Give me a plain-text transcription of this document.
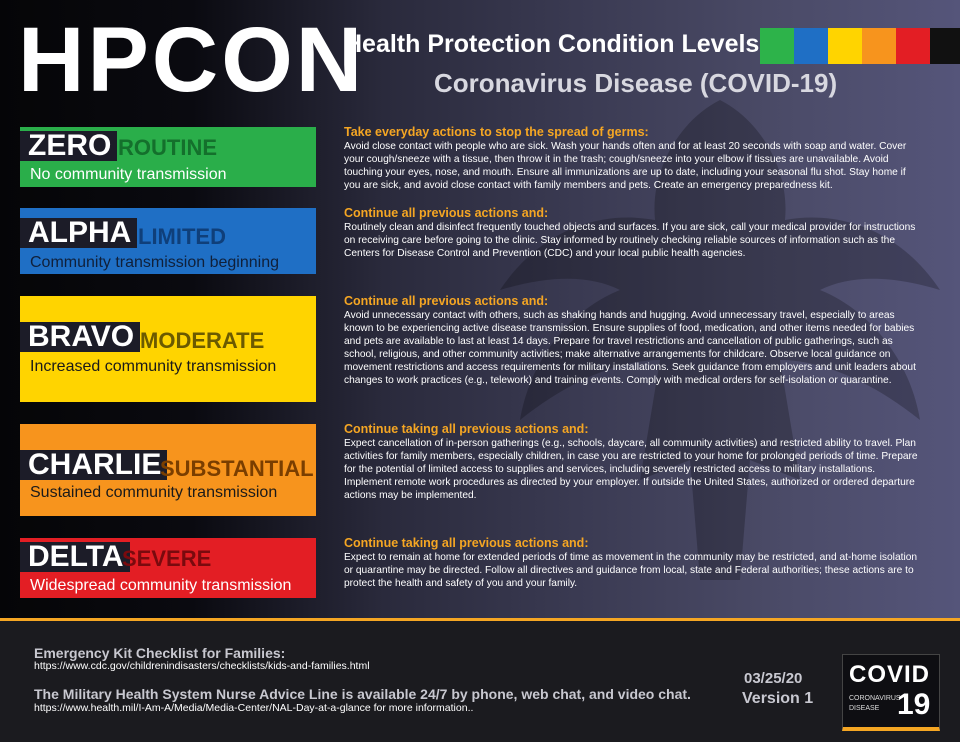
HPCON
Health Protection Condition Levels
Coronavirus Disease (COVID-19)
ZERO ROUTINE
No community transmission
ALPHA LIMITED
Community transmission beginning
BRAVO MODERATE
Increased community transmission
CHARLIE
SUBSTANTIAL
Sustained community transmission
DELTA
SEVERE
Widespread community transmission
Take everyday actions to stop the spread of germs:
Avoid close contact with people who are sick. Wash your hands often and for at least 20 seconds with soap and water. Cover your cough/sneeze with a tissue, then throw it in the trash; cough/sneeze into your elbow if tissues are unavailable. Avoid touching your eyes, nose, and mouth. Ensure all immunizations are up to date, including your seasonal flu shot. Stay home if you are sick, and avoid close contact with family members and pets. Create an emergency preparedness kit.
Continue all previous actions and:
Routinely clean and disinfect frequently touched objects and surfaces. If you are sick, call your medical provider for instructions on receiving care before going to the clinic. Stay informed by routinely checking reliable sources of information such as the Centers for Disease Control and Prevention (CDC) and your local public health agencies.
Continue all previous actions and:
Avoid unnecessary contact with others, such as shaking hands and hugging. Avoid unnecessary travel, especially to areas known to be experiencing active disease transmission. Ensure supplies of food, medication, and other items needed for babies and pets are available to last at least 14 days. Prepare for travel restrictions and cancellation of public gatherings, such as school, religious, and other community activities; make alternative arrangements for childcare. Observe local guidance on movement restrictions and access requirements for military installations. Seek guidance from employers and unit leaders about changes to work practices (e.g., telework) and training events. Comply with medical orders for self-isolation or quarantine.
Continue taking all previous actions and:
Expect cancellation of in-person gatherings (e.g., schools, daycare, all community activities) and restricted ability to travel. Plan activities for family members, especially children, in case you are restricted to your home for prolonged periods of time. Prepare for the potential of limited access to supplies and services, including severely restricted access to military installations. Implement remote work procedures as directed by your employer. If outside the United States, authorized or ordered departure actions may be implemented.
Continue taking all previous actions and:
Expect to remain at home for extended periods of time as movement in the community may be restricted, and at-home isolation or quarantine may be directed. Follow all directives and guidance from local, state and Federal authorities; these actions are to protect the health and safety of you and your family.
Emergency Kit Checklist for Families:
https://www.cdc.gov/childrenindisasters/checklists/kids-and-families.html
The Military Health System Nurse Advice Line is available 24/7 by phone, web chat, and video chat.
https://www.health.mil/I-Am-A/Media/Media-Center/NAL-Day-at-a-glance for more information..
03/25/20
Version 1
COVID
CORONAVIRUS
DISEASE 19
